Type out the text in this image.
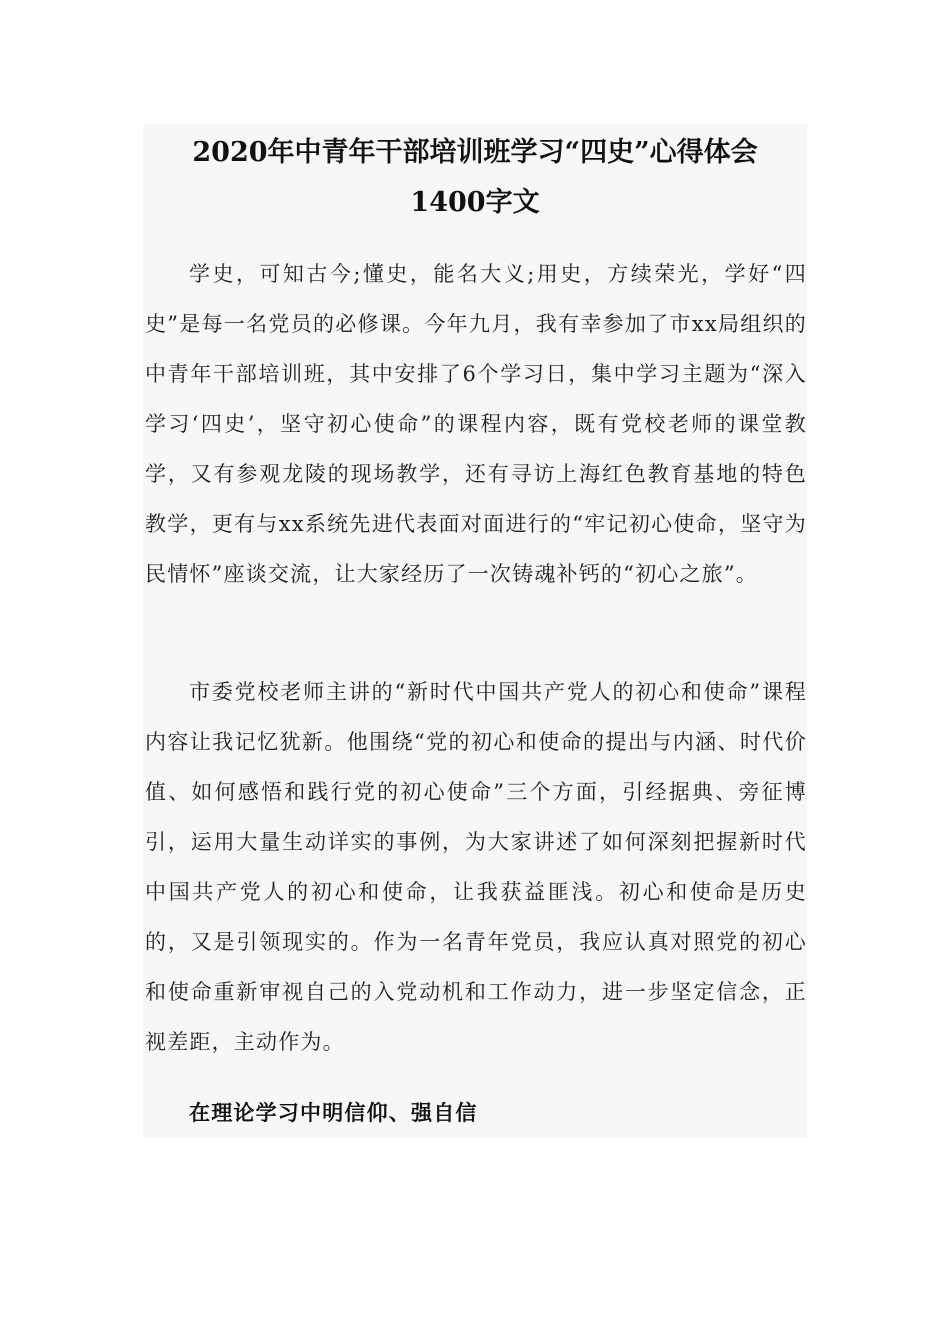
2020年中青年干部培训班学习“四史”心得体会
1400字文

学史，可知古今;懂史，能名大义;用史，方续荣光，学好“四史”是每一名党员的必修课。今年九月，我有幸参加了市xx局组织的中青年干部培训班，其中安排了6个学习日，集中学习主题为“深入学习‘四史’，坚守初心使命”的课程内容，既有党校老师的课堂教学，又有参观龙陵的现场教学，还有寻访上海红色教育基地的特色教学，更有与xx系统先进代表面对面进行的“牢记初心使命，坚守为民情怀”座谈交流，让大家经历了一次铸魂补钙的“初心之旅”。

市委党校老师主讲的“新时代中国共产党人的初心和使命”课程内容让我记忆犹新。他围绕“党的初心和使命的提出与内涵、时代价值、如何感悟和践行党的初心使命”三个方面，引经据典、旁征博引，运用大量生动详实的事例，为大家讲述了如何深刻把握新时代中国共产党人的初心和使命，让我获益匪浅。初心和使命是历史的，又是引领现实的。作为一名青年党员，我应认真对照党的初心和使命重新审视自己的入党动机和工作动力，进一步坚定信念，正视差距，主动作为。

在理论学习中明信仰、强自信
